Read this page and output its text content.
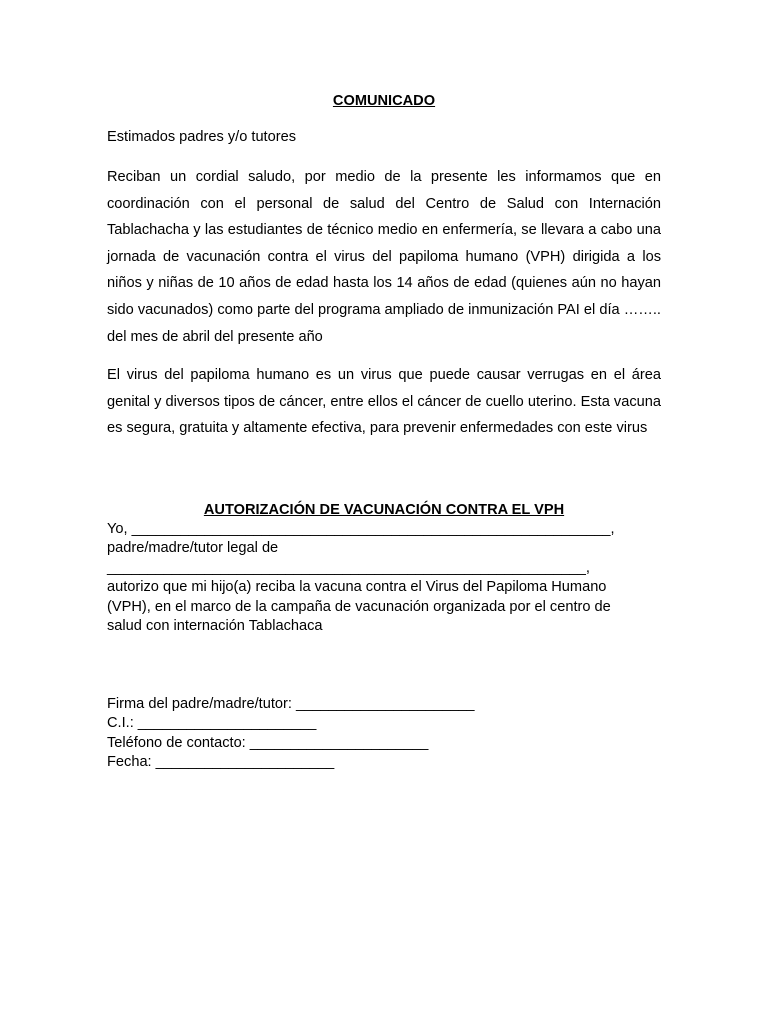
COMUNICADO

Estimados padres y/o tutores

Reciban un cordial saludo, por medio de la presente les informamos que en coordinación con el personal de salud del Centro de Salud con Internación Tablachacha y las estudiantes de técnico medio en enfermería, se llevara a cabo una jornada de vacunación contra el virus del papiloma humano (VPH) dirigida a los niños y niñas de 10 años de edad hasta los 14 años de edad (quienes aún no hayan sido vacunados) como parte del programa ampliado de inmunización PAI el día …….. del mes de abril del presente año

El virus del papiloma humano es un virus que puede causar verrugas en el área genital y diversos tipos de cáncer, entre ellos el cáncer de cuello uterino. Esta vacuna es segura, gratuita y altamente efectiva, para prevenir enfermedades con este virus

AUTORIZACIÓN DE VACUNACIÓN CONTRA EL VPH

Yo, ___________________________________________________________,
padre/madre/tutor legal de
___________________________________________________________,
autorizo que mi hijo(a) reciba la vacuna contra el Virus del Papiloma Humano
(VPH), en el marco de la campaña de vacunación organizada por el centro de
salud con internación Tablachaca
Firma del padre/madre/tutor: ______________________
C.I.: ______________________
Teléfono de contacto: ______________________
Fecha: ______________________
